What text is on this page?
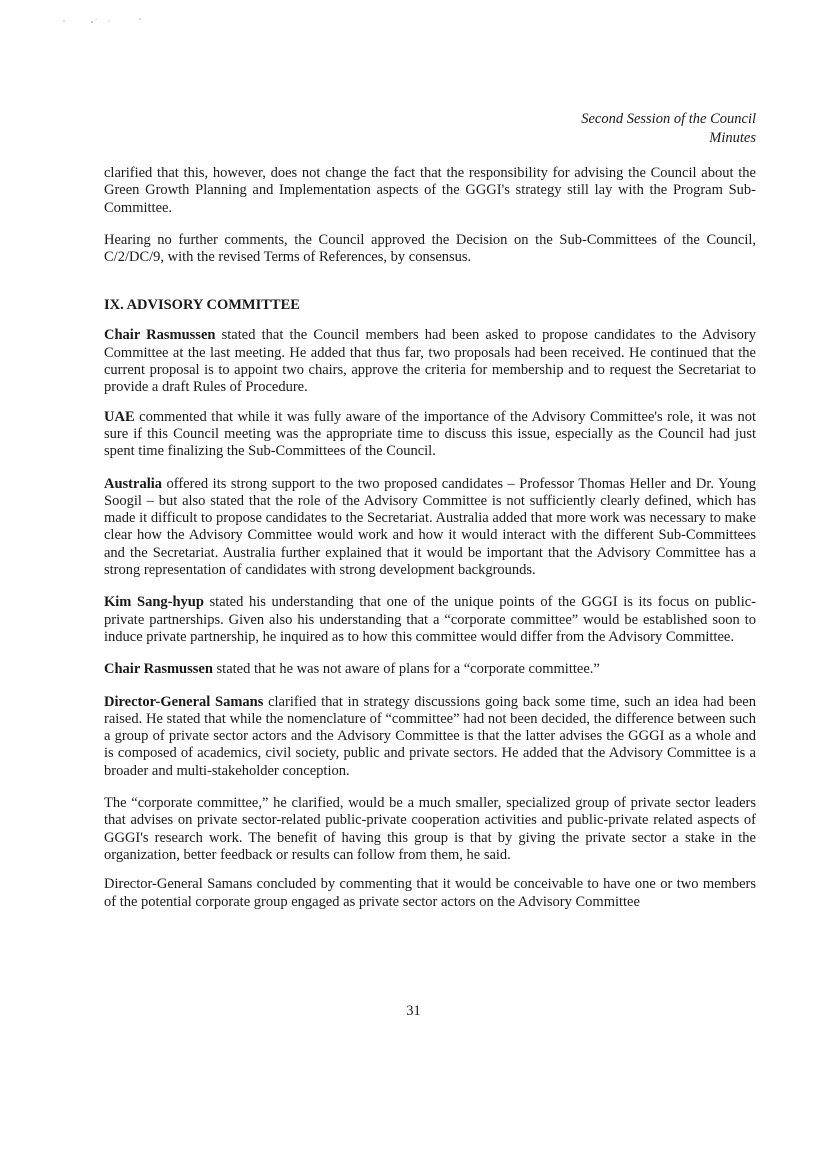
Second Session of the Council
Minutes

clarified that this, however, does not change the fact that the responsibility for advising the Council about the Green Growth Planning and Implementation aspects of the GGGI's strategy still lay with the Program Sub-Committee.

Hearing no further comments, the Council approved the Decision on the Sub-Committees of the Council, C/2/DC/9, with the revised Terms of References, by consensus.

IX. ADVISORY COMMITTEE

Chair Rasmussen stated that the Council members had been asked to propose candidates to the Advisory Committee at the last meeting. He added that thus far, two proposals had been received. He continued that the current proposal is to appoint two chairs, approve the criteria for membership and to request the Secretariat to provide a draft Rules of Procedure.

UAE commented that while it was fully aware of the importance of the Advisory Committee's role, it was not sure if this Council meeting was the appropriate time to discuss this issue, especially as the Council had just spent time finalizing the Sub-Committees of the Council.

Australia offered its strong support to the two proposed candidates – Professor Thomas Heller and Dr. Young Soogil – but also stated that the role of the Advisory Committee is not sufficiently clearly defined, which has made it difficult to propose candidates to the Secretariat. Australia added that more work was necessary to make clear how the Advisory Committee would work and how it would interact with the different Sub-Committees and the Secretariat. Australia further explained that it would be important that the Advisory Committee has a strong representation of candidates with strong development backgrounds.

Kim Sang-hyup stated his understanding that one of the unique points of the GGGI is its focus on public-private partnerships. Given also his understanding that a “corporate committee” would be established soon to induce private partnership, he inquired as to how this committee would differ from the Advisory Committee.

Chair Rasmussen stated that he was not aware of plans for a “corporate committee.”

Director-General Samans clarified that in strategy discussions going back some time, such an idea had been raised. He stated that while the nomenclature of “committee” had not been decided, the difference between such a group of private sector actors and the Advisory Committee is that the latter advises the GGGI as a whole and is composed of academics, civil society, public and private sectors. He added that the Advisory Committee is a broader and multi-stakeholder conception.

The “corporate committee,” he clarified, would be a much smaller, specialized group of private sector leaders that advises on private sector-related public-private cooperation activities and public-private related aspects of GGGI's research work. The benefit of having this group is that by giving the private sector a stake in the organization, better feedback or results can follow from them, he said.

Director-General Samans concluded by commenting that it would be conceivable to have one or two members of the potential corporate group engaged as private sector actors on the Advisory Committee

31
